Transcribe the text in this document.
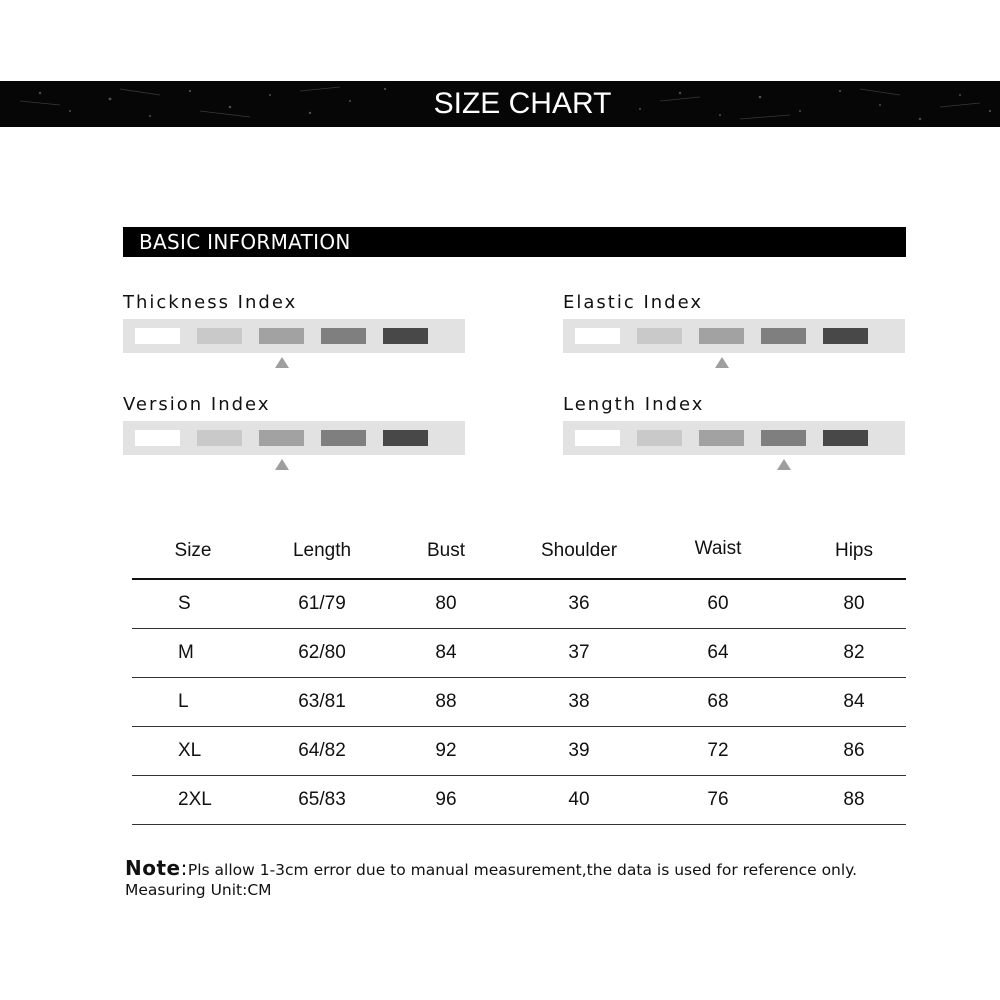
SIZE CHART
BASIC INFORMATION
Thickness Index	Elastic Index
Version Index	Length Index
Size	Length	Bust	Shoulder	Waist	Hips
S	61/79	80	36	60	80
M	62/80	84	37	64	82
L	63/81	88	38	68	84
XL	64/82	92	39	72	86
2XL	65/83	96	40	76	88
Note:Pls allow 1-3cm error due to manual measurement,the data is used for reference only.
Measuring Unit:CM
